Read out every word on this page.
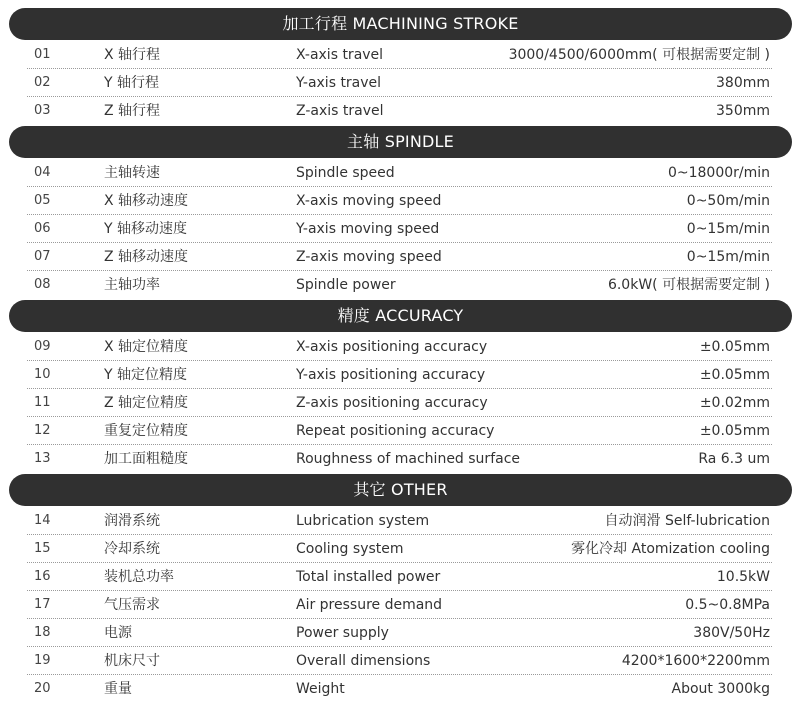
加工行程 MACHINING STROKE
01	X 轴行程	X-axis travel	3000/4500/6000mm( 可根据需要定制 )
02	Y 轴行程	Y-axis travel	380mm
03	Z 轴行程	Z-axis travel	350mm
主轴 SPINDLE
04	主轴转速	Spindle speed	0~18000r/min
05	X 轴移动速度	X-axis moving speed	0~50m/min
06	Y 轴移动速度	Y-axis moving speed	0~15m/min
07	Z 轴移动速度	Z-axis moving speed	0~15m/min
08	主轴功率	Spindle power	6.0kW( 可根据需要定制 )
精度 ACCURACY
09	X 轴定位精度	X-axis positioning accuracy	±0.05mm
10	Y 轴定位精度	Y-axis positioning accuracy	±0.05mm
11	Z 轴定位精度	Z-axis positioning accuracy	±0.02mm
12	重复定位精度	Repeat positioning accuracy	±0.05mm
13	加工面粗糙度	Roughness of machined surface	Ra 6.3 um
其它 OTHER
14	润滑系统	Lubrication system	自动润滑 Self-lubrication
15	冷却系统	Cooling system	雾化冷却 Atomization cooling
16	装机总功率	Total installed power	10.5kW
17	气压需求	Air pressure demand	0.5~0.8MPa
18	电源	Power supply	380V/50Hz
19	机床尺寸	Overall dimensions	4200*1600*2200mm
20	重量	Weight	About 3000kg
